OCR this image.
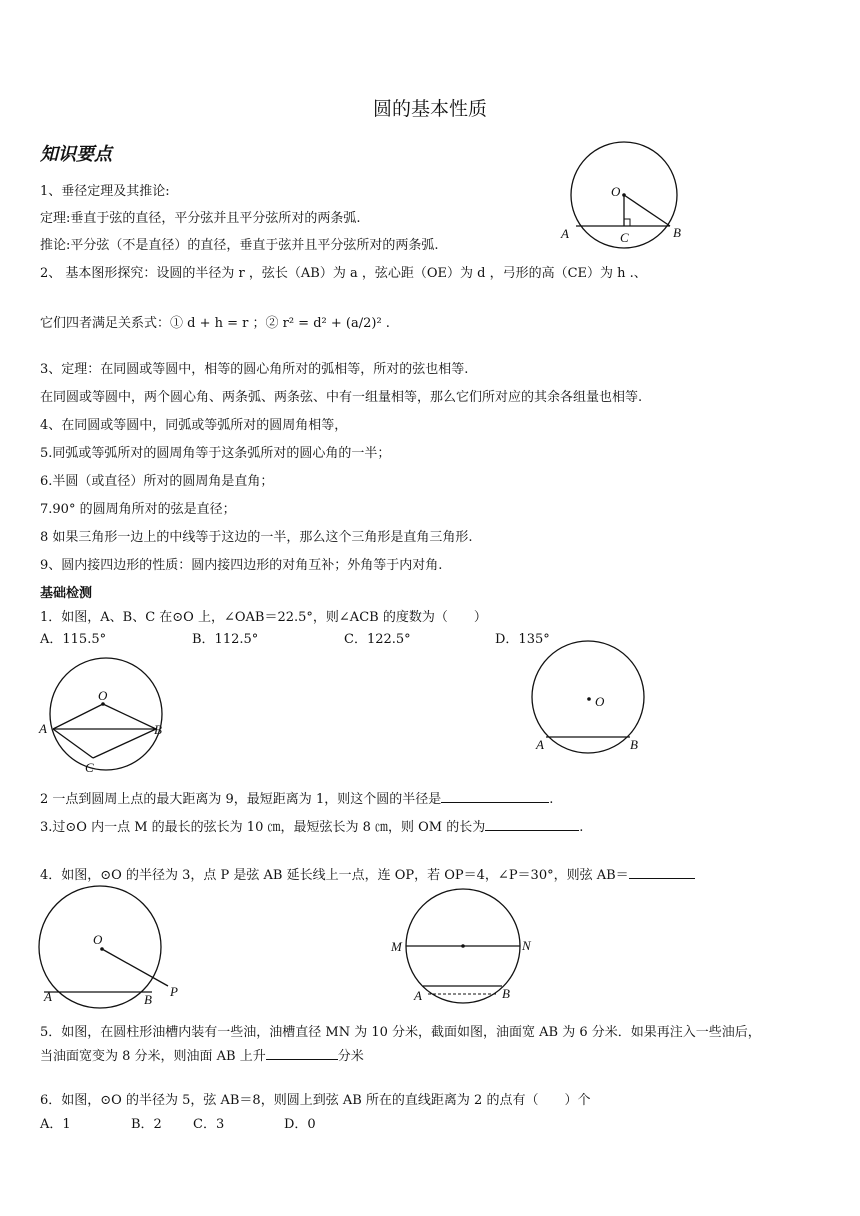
圆的基本性质
知识要点
1、垂径定理及其推论:
定理:垂直于弦的直径，平分弦并且平分弦所对的两条弧.
推论:平分弦（不是直径）的直径，垂直于弦并且平分弦所对的两条弧.
2、 基本图形探究：设圆的半径为 r ，弦长（AB）为 a ，弦心距（OE）为 d ，弓形的高（CE）为 h .、
它们四者满足关系式：① d + h = r ；② r² = d² + (a/2)² .
3、定理：在同圆或等圆中，相等的圆心角所对的弧相等，所对的弦也相等.
在同圆或等圆中，两个圆心角、两条弧、两条弦、中有一组量相等，那么它们所对应的其余各组量也相等.
4、在同圆或等圆中，同弧或等弧所对的圆周角相等，
5.同弧或等弧所对的圆周角等于这条弧所对的圆心角的一半；
6.半圆（或直径）所对的圆周角是直角；
7.90° 的圆周角所对的弦是直径；
8 如果三角形一边上的中线等于这边的一半，那么这个三角形是直角三角形.
9、圆内接四边形的性质：圆内接四边形的对角互补；外角等于内对角.
基础检测
1．如图，A、B、C 在⊙O 上，∠OAB＝22.5°，则∠ACB 的度数为（　　）
A．115.5°	B．112.5°	C．122.5°	D．135°
2 一点到圆周上点的最大距离为 9，最短距离为 1，则这个圆的半径是	.
3.过⊙O 内一点 M 的最长的弦长为 10 ㎝，最短弦长为 8 ㎝，则 OM 的长为	.
4．如图，⊙O 的半径为 3，点 P 是弦 AB 延长线上一点，连 OP，若 OP＝4，∠P＝30°，则弦 AB＝
5．如图，在圆柱形油槽内装有一些油，油槽直径 MN 为 10 分米，截面如图，油面宽 AB 为 6 分米．如果再注入一些油后，
当油面宽变为 8 分米，则油面 AB 上升	分米
6．如图，⊙O 的半径为 5，弦 AB＝8，则圆上到弦 AB 所在的直线距离为 2 的点有（　　）个
A．1	B．2 C．3	D．0
O
A	B
C
O
A	B
C
O
A	B
O
A	B
P
M	N
A	B
